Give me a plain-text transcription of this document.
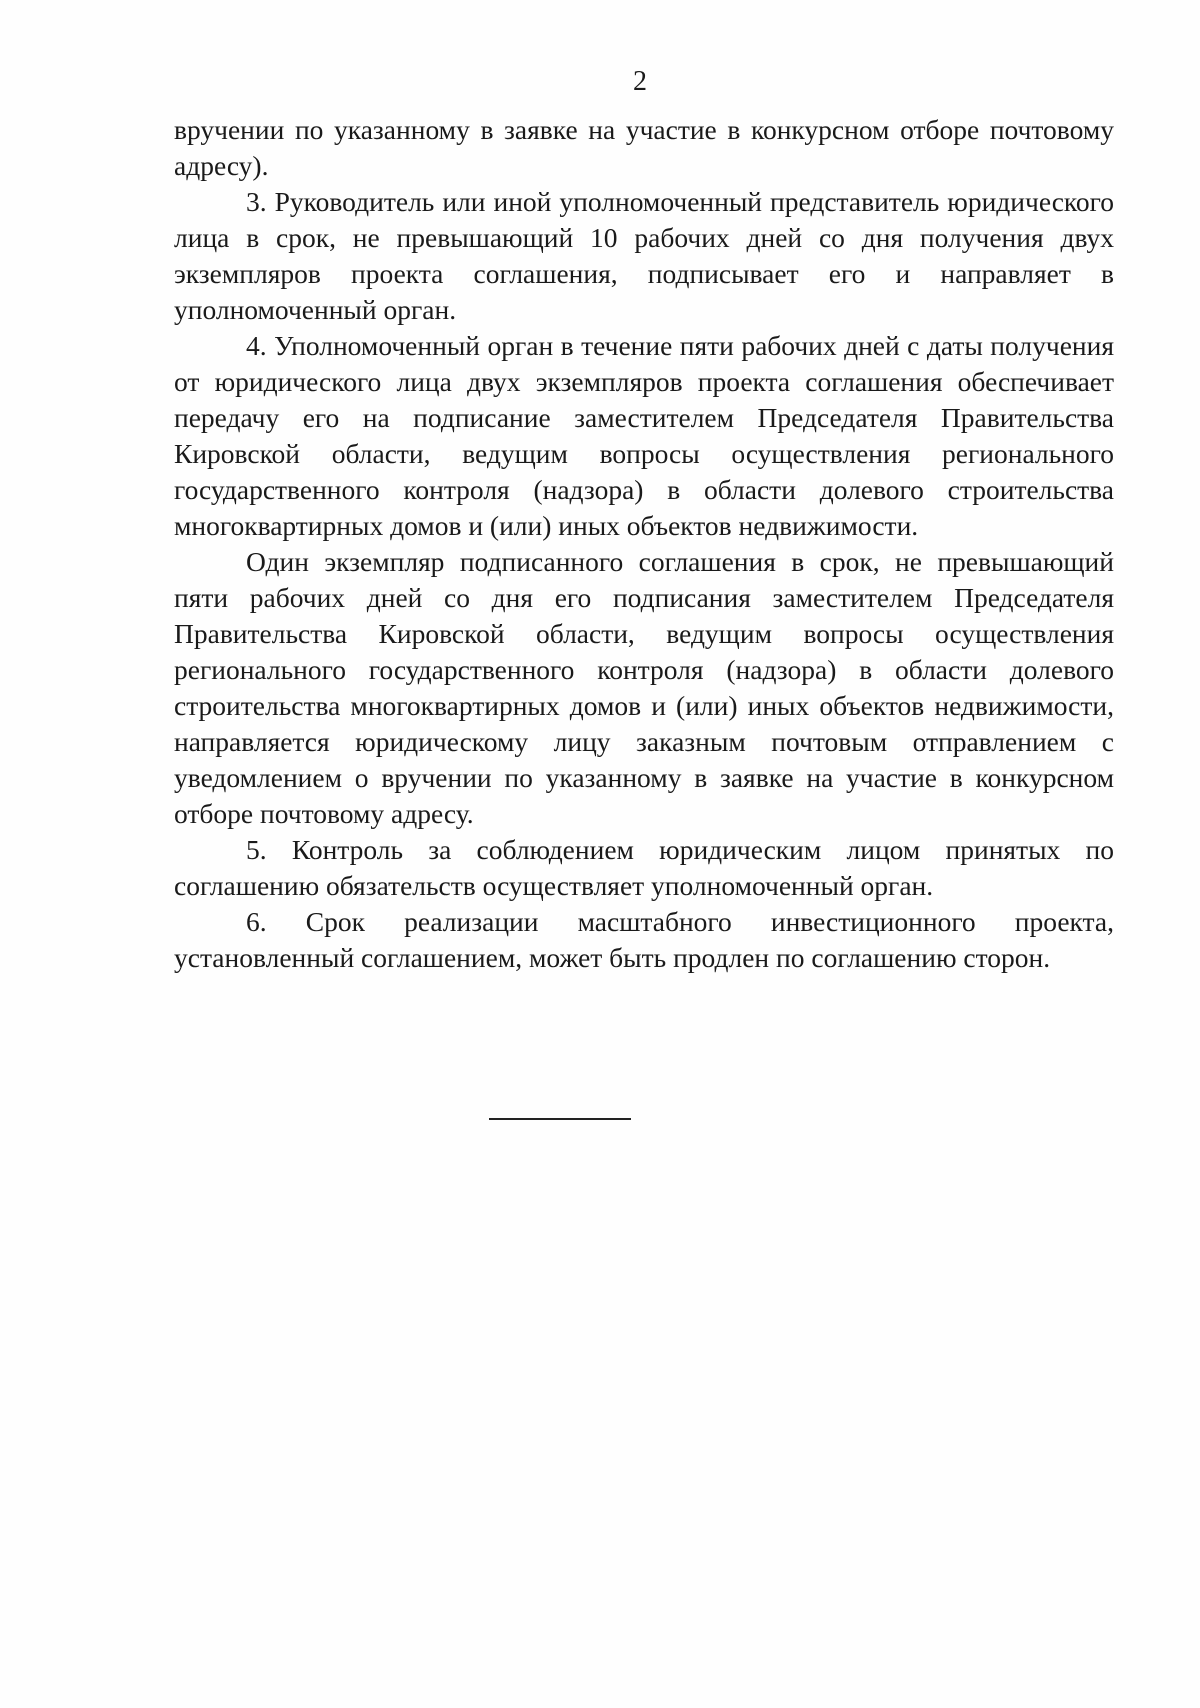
2

вручении по указанному в заявке на участие в конкурсном отборе почтовому адресу).

3. Руководитель или иной уполномоченный представитель юридического лица в срок, не превышающий 10 рабочих дней со дня получения двух экземпляров проекта соглашения, подписывает его и направляет в уполномоченный орган.

4. Уполномоченный орган в течение пяти рабочих дней с даты получения от юридического лица двух экземпляров проекта соглашения обеспечивает передачу его на подписание заместителем Председателя Правительства Кировской области, ведущим вопросы осуществления регионального государственного контроля (надзора) в области долевого строительства многоквартирных домов и (или) иных объектов недвижимости.

Один экземпляр подписанного соглашения в срок, не превышающий пяти рабочих дней со дня его подписания заместителем Председателя Правительства Кировской области, ведущим вопросы осуществления регионального государственного контроля (надзора) в области долевого строительства многоквартирных домов и (или) иных объектов недвижимости, направляется юридическому лицу заказным почтовым отправлением с уведомлением о вручении по указанному в заявке на участие в конкурсном отборе почтовому адресу.

5. Контроль за соблюдением юридическим лицом принятых по соглашению обязательств осуществляет уполномоченный орган.

6. Срок реализации масштабного инвестиционного проекта, установленный соглашением, может быть продлен по соглашению сторон.
